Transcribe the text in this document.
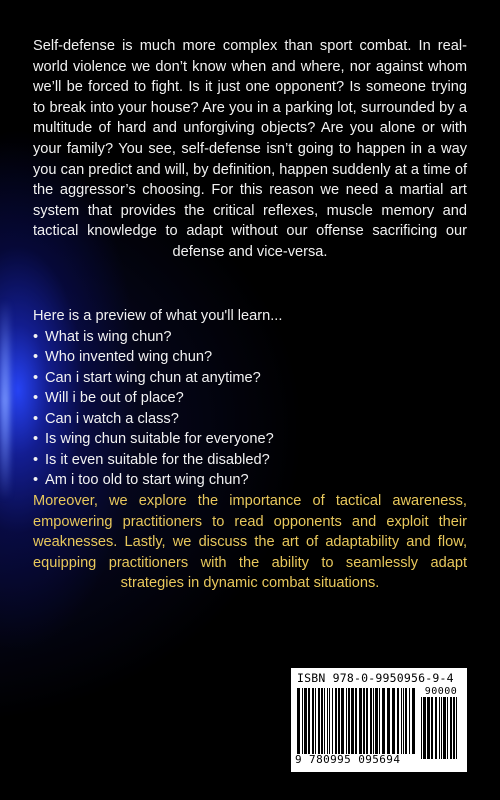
Self-defense is much more complex than sport combat. In real-world violence we don’t know when and where, nor against whom we’ll be forced to fight. Is it just one opponent? Is someone trying to break into your house? Are you in a parking lot, surrounded by a multitude of hard and unforgiving objects? Are you alone or with your family? You see, self-defense isn’t going to happen in a way you can predict and will, by definition, happen suddenly at a time of the aggressor’s choosing. For this reason we need a martial art system that provides the critical reflexes, muscle memory and tactical knowledge to adapt without our offense sacrificing our defense and vice-versa.

Here is a preview of what you'll learn...
• What is wing chun?
• Who invented wing chun?
• Can i start wing chun at anytime?
• Will i be out of place?
• Can i watch a class?
• Is wing chun suitable for everyone?
• Is it even suitable for the disabled?
• Am i too old to start wing chun?

Moreover, we explore the importance of tactical awareness, empowering practitioners to read opponents and exploit their weaknesses. Lastly, we discuss the art of adaptability and flow, equipping practitioners with the ability to seamlessly adapt strategies in dynamic combat situations.

ISBN 978-0-9950956-9-4
90000
9 780995 095694
